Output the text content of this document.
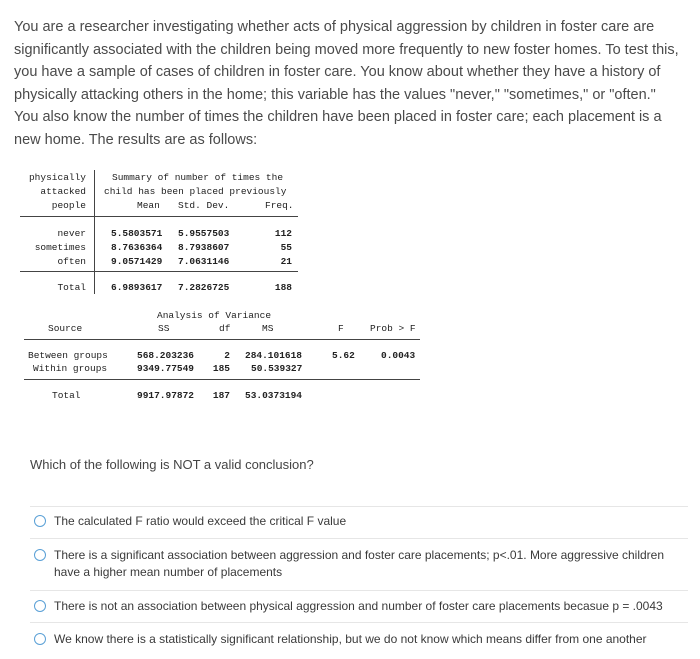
You are a researcher investigating whether acts of physical aggression by children in foster care are significantly associated with the children being moved more frequently to new foster homes. To test this, you have a sample of cases of children in foster care. You know about whether they have a history of physically attacking others in the home; this variable has the values "never," "sometimes," or "often." You also know the number of times the children have been placed in foster care; each placement is a new home. The results are as follows:

physically
attacked
people
Summary of number of times the
child has been placed previously
Mean Std. Dev.	Freq.
never	5.5803571 5.9557503	112
sometimes	8.7636364 8.7938607	55
often	9.0571429 7.0631146	21
Total	6.9893617 7.2826725	188
Analysis of Variance
Source	SS	df	MS	F	Prob > F
Between groups	568.203236	2 284.101618	5.62	0.0043
Within groups	9349.77549	185 50.539327
Total	9917.97872	187 53.0373194

Which of the following is NOT a valid conclusion?

The calculated F ratio would exceed the critical F value
There is a significant association between aggression and foster care placements; p<.01. More aggressive children have a higher mean number of placements
There is not an association between physical aggression and number of foster care placements becasue p = .0043
We know there is a statistically significant relationship, but we do not know which means differ from one another
